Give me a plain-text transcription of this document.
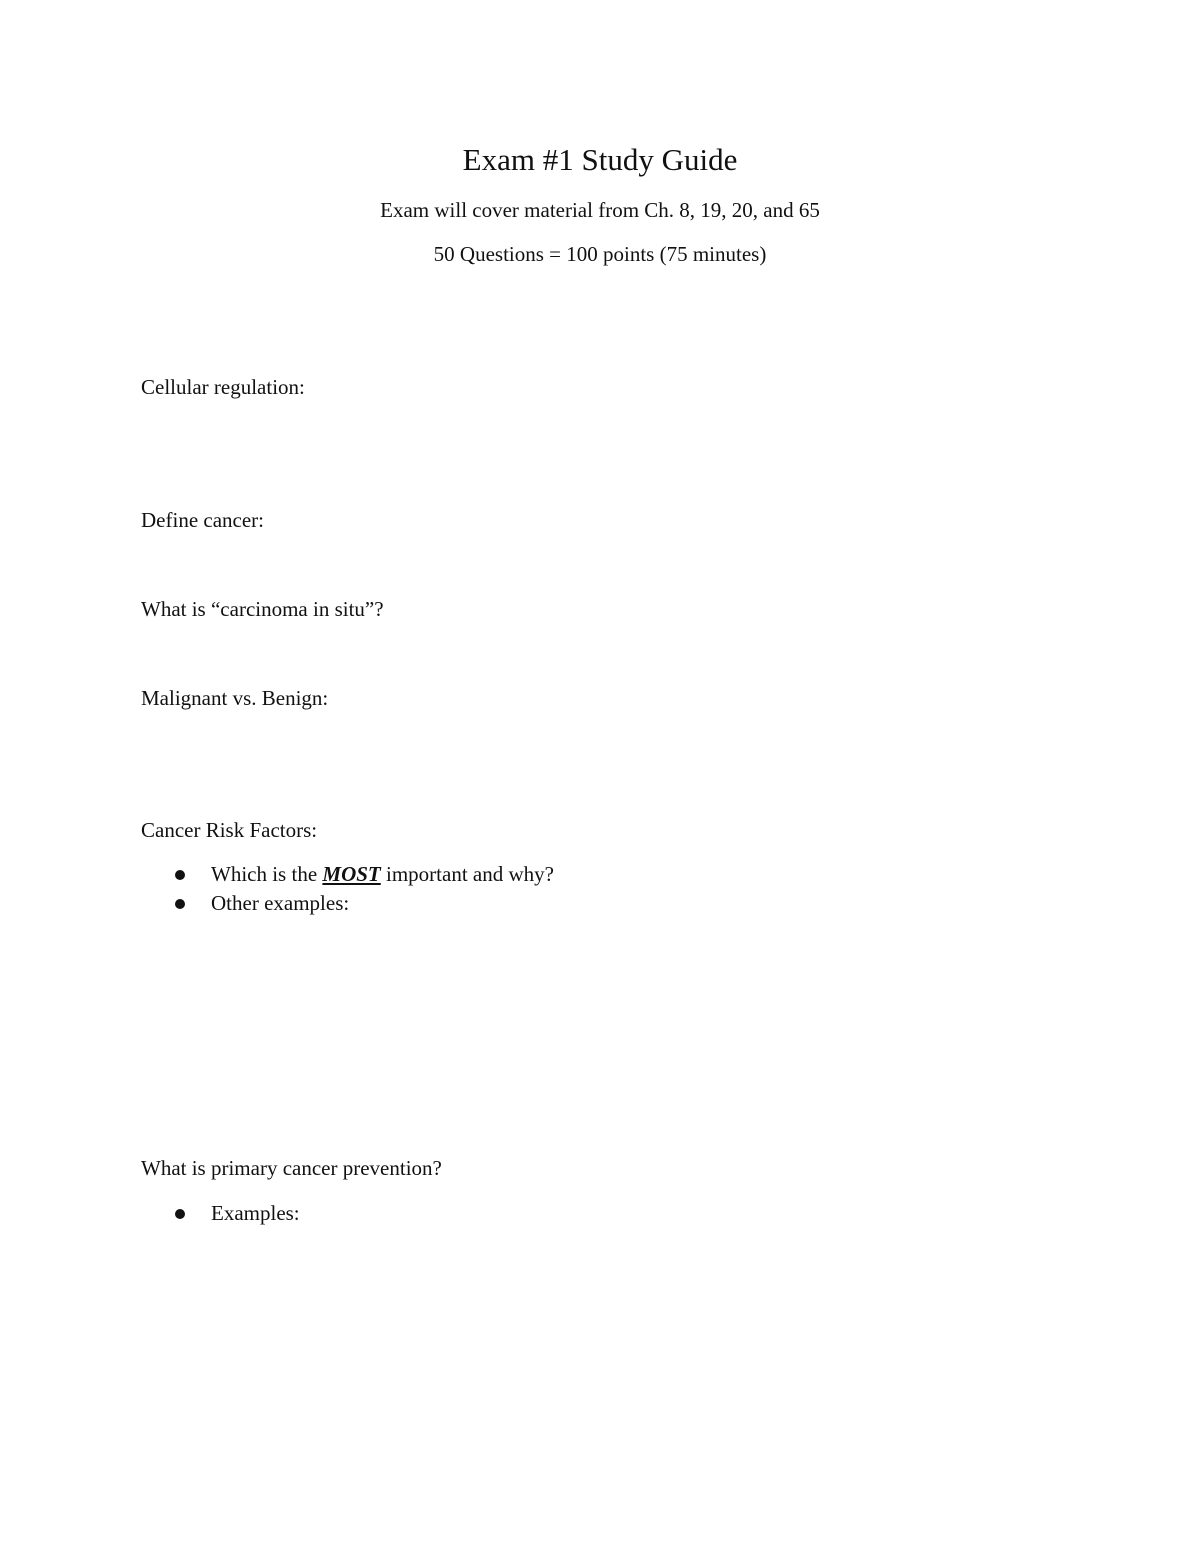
Exam #1 Study Guide
Exam will cover material from Ch. 8, 19, 20, and 65
50 Questions = 100 points (75 minutes)
Cellular regulation:
Define cancer:
What is “carcinoma in situ”?
Malignant vs. Benign:
Cancer Risk Factors:
Which is the MOST important and why?
Other examples:
What is primary cancer prevention?
Examples:
